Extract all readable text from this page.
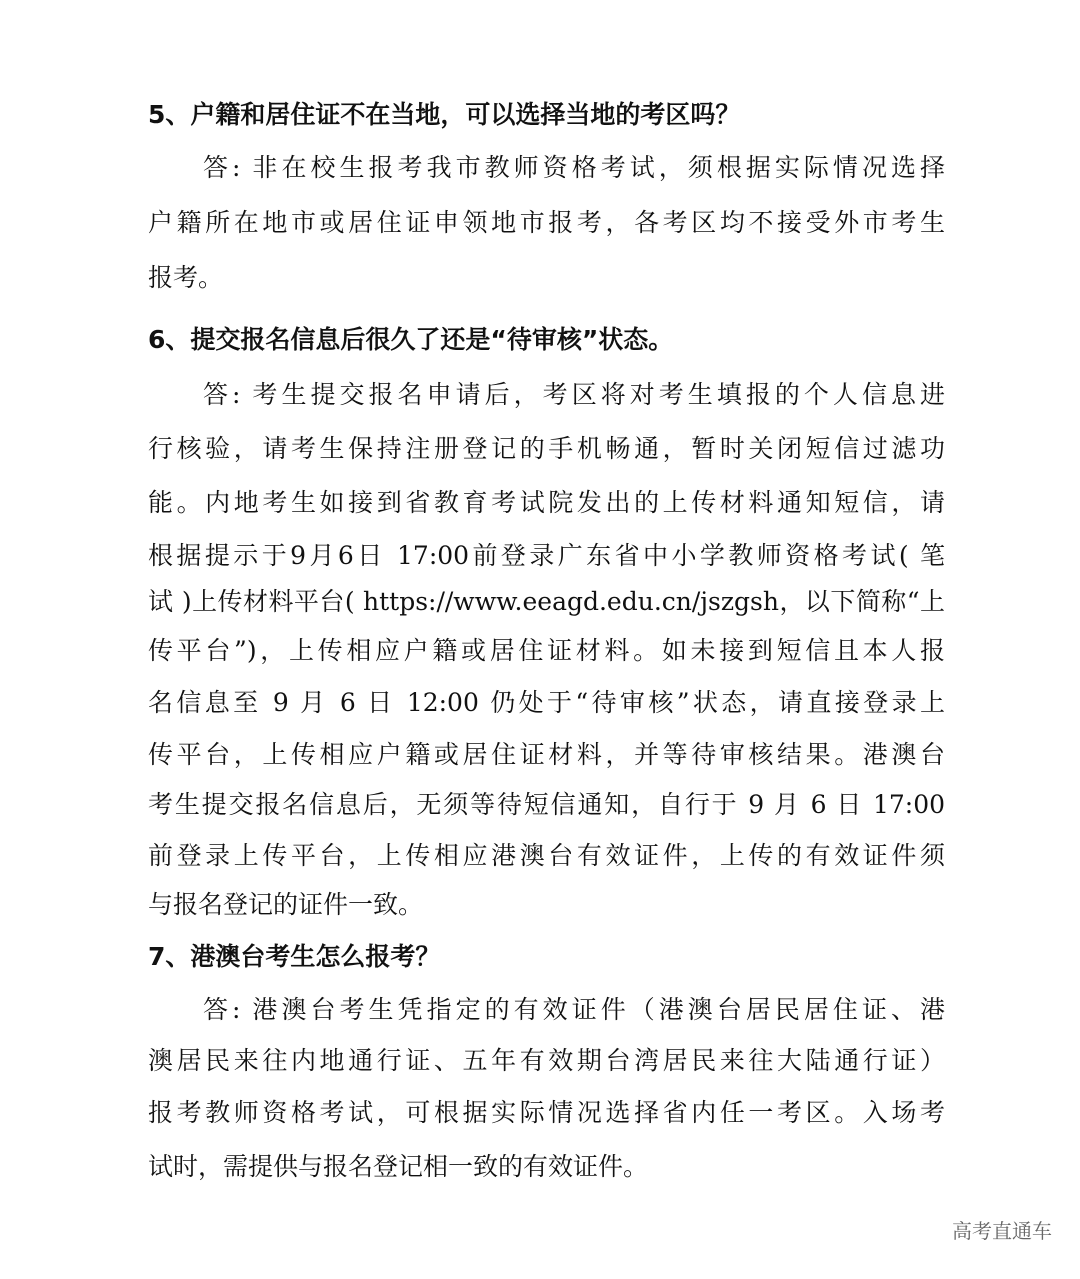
5、户籍和居住证不在当地，可以选择当地的考区吗？
答: 非在校生报考我市教师资格考试，须根据实际情况选择
户籍所在地市或居住证申领地市报考，各考区均不接受外市考生
报考。
6、提交报名信息后很久了还是“待审核”状态。
答: 考生提交报名申请后，考区将对考生填报的个人信息进
行核验，请考生保持注册登记的手机畅通，暂时关闭短信过滤功
能。内地考生如接到省教育考试院发出的上传材料通知短信，请
根据提示于9月6日 17:00前登录广东省中小学教师资格考试( 笔
试 )上传材料平台( https://www.eeagd.edu.cn/jszgsh，以下简称“上
传平台”)，上传相应户籍或居住证材料。如未接到短信且本人报
名信息至 9 月 6 日 12:00 仍处于“待审核”状态，请直接登录上
传平台，上传相应户籍或居住证材料，并等待审核结果。港澳台
考生提交报名信息后，无须等待短信通知，自行于 9 月 6 日 17:00
前登录上传平台，上传相应港澳台有效证件，上传的有效证件须
与报名登记的证件一致。
7、港澳台考生怎么报考？
答: 港澳台考生凭指定的有效证件（港澳台居民居住证、港
澳居民来往内地通行证、五年有效期台湾居民来往大陆通行证）
报考教师资格考试，可根据实际情况选择省内任一考区。入场考
试时，需提供与报名登记相一致的有效证件。
高考直通车
